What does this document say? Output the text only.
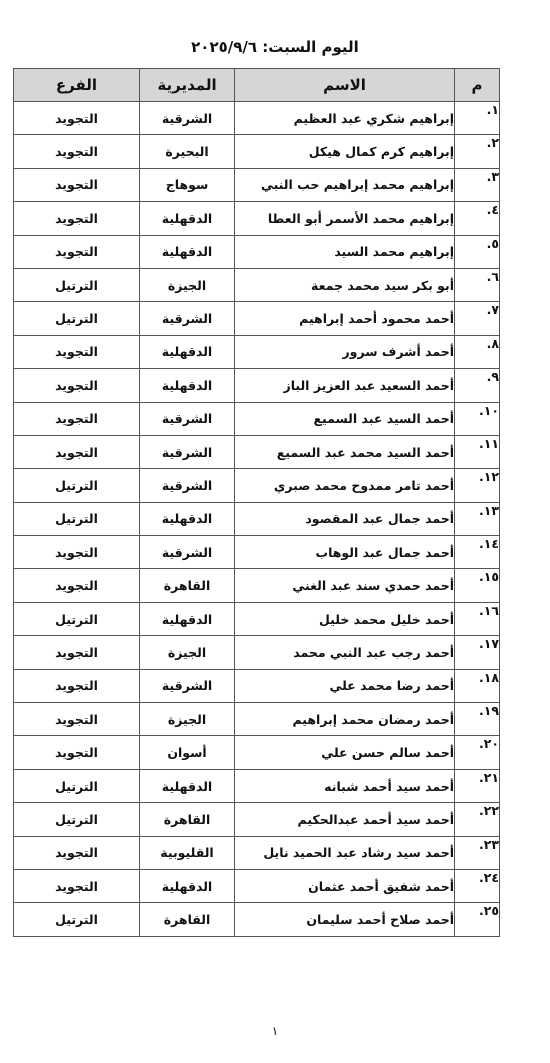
اليوم السبت: ٢٠٢٥/٩/٦
م	الاسم	المديرية	الفرع
١.	إبراهيم شكري عبد العظيم	الشرقية	التجويد
٢.	إبراهيم كرم كمال هيكل	البحيرة	التجويد
٣.	إبراهيم محمد إبراهيم حب النبي	سوهاج	التجويد
٤.	إبراهيم محمد الأسمر أبو العطا	الدقهلية	التجويد
٥.	إبراهيم محمد السيد	الدقهلية	التجويد
٦.	أبو بكر سيد محمد جمعة	الجيزة	الترتيل
٧.	أحمد محمود أحمد إبراهيم	الشرقية	الترتيل
٨.	أحمد أشرف سرور	الدقهلية	التجويد
٩.	أحمد السعيد عبد العزيز الباز	الدقهلية	التجويد
١٠.	أحمد السيد عبد السميع	الشرقية	التجويد
١١.	أحمد السيد محمد عبد السميع	الشرقية	التجويد
١٢.	أحمد تامر ممدوح محمد صبري	الشرقية	الترتيل
١٣.	أحمد جمال عبد المقصود	الدقهلية	الترتيل
١٤.	أحمد جمال عبد الوهاب	الشرقية	التجويد
١٥.	أحمد حمدي سند عبد الغني	القاهرة	التجويد
١٦.	أحمد خليل محمد خليل	الدقهلية	الترتيل
١٧.	أحمد رجب عبد النبي محمد	الجيزة	التجويد
١٨.	أحمد رضا محمد علي	الشرقية	التجويد
١٩.	أحمد رمضان محمد إبراهيم	الجيزة	التجويد
٢٠.	أحمد سالم حسن علي	أسوان	التجويد
٢١.	أحمد سيد أحمد شبانه	الدقهلية	الترتيل
٢٢.	أحمد سيد أحمد عبدالحكيم	القاهرة	الترتيل
٢٣.	أحمد سيد رشاد عبد الحميد نايل	القليوبية	التجويد
٢٤.	أحمد شفيق أحمد عثمان	الدقهلية	التجويد
٢٥.	أحمد صلاح أحمد سليمان	القاهرة	الترتيل
١
